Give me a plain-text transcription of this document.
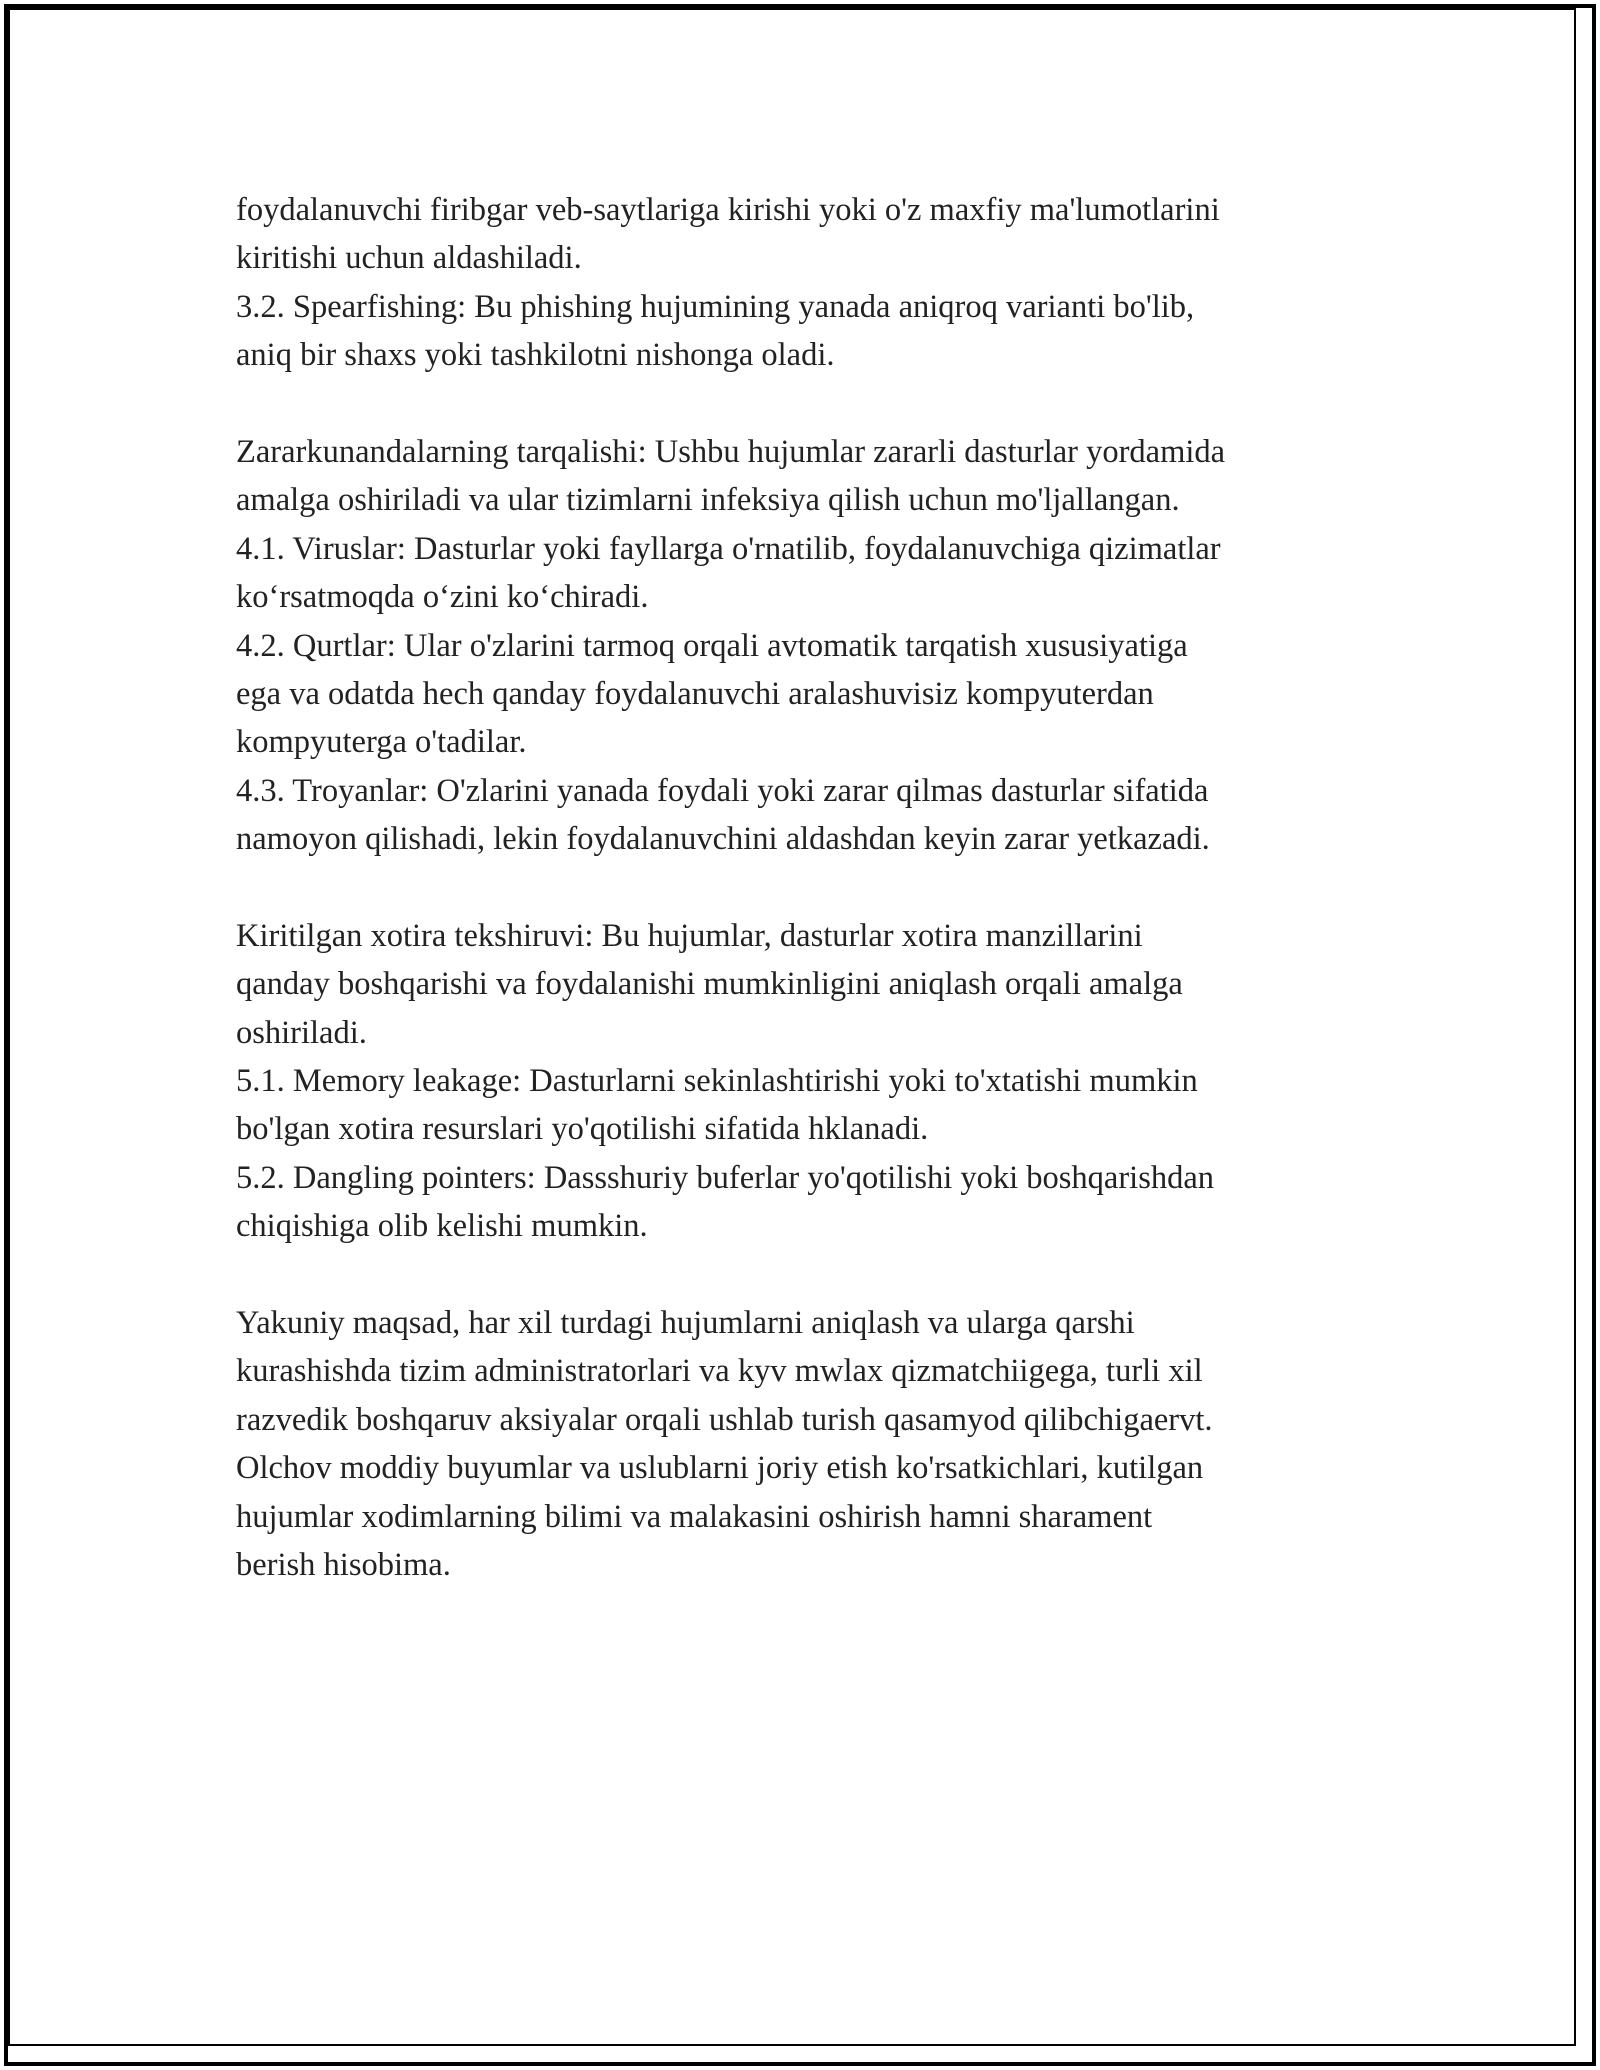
foydalanuvchi firibgar veb-saytlariga kirishi yoki o'z maxfiy ma'lumotlarini
kiritishi uchun aldashiladi.
3.2. Spearfishing: Bu phishing hujumining yanada aniqroq varianti bo'lib,
aniq bir shaxs yoki tashkilotni nishonga oladi.
Zararkunandalarning tarqalishi: Ushbu hujumlar zararli dasturlar yordamida
amalga oshiriladi va ular tizimlarni infeksiya qilish uchun mo'ljallangan.
4.1. Viruslar: Dasturlar yoki fayllarga o'rnatilib, foydalanuvchiga qizimatlar
ko‘rsatmoqda o‘zini ko‘chiradi.
4.2. Qurtlar: Ular o'zlarini tarmoq orqali avtomatik tarqatish xususiyatiga
ega va odatda hech qanday foydalanuvchi aralashuvisiz kompyuterdan
kompyuterga o'tadilar.
4.3. Troyanlar: O'zlarini yanada foydali yoki zarar qilmas dasturlar sifatida
namoyon qilishadi, lekin foydalanuvchini aldashdan keyin zarar yetkazadi.
Kiritilgan xotira tekshiruvi: Bu hujumlar, dasturlar xotira manzillarini
qanday boshqarishi va foydalanishi mumkinligini aniqlash orqali amalga
oshiriladi.
5.1. Memory leakage: Dasturlarni sekinlashtirishi yoki to'xtatishi mumkin
bo'lgan xotira resurslari yo'qotilishi sifatida hklanadi.
5.2. Dangling pointers: Dassshuriy buferlar yo'qotilishi yoki boshqarishdan
chiqishiga olib kelishi mumkin.
Yakuniy maqsad, har xil turdagi hujumlarni aniqlash va ularga qarshi
kurashishda tizim administratorlari va kyv mwlax qizmatchiigega, turli xil
razvedik boshqaruv aksiyalar orqali ushlab turish qasamyod qilibchigaervt.
Olchov moddiy buyumlar va uslublarni joriy etish ko'rsatkichlari, kutilgan
hujumlar xodimlarning bilimi va malakasini oshirish hamni sharament
berish hisobima.
